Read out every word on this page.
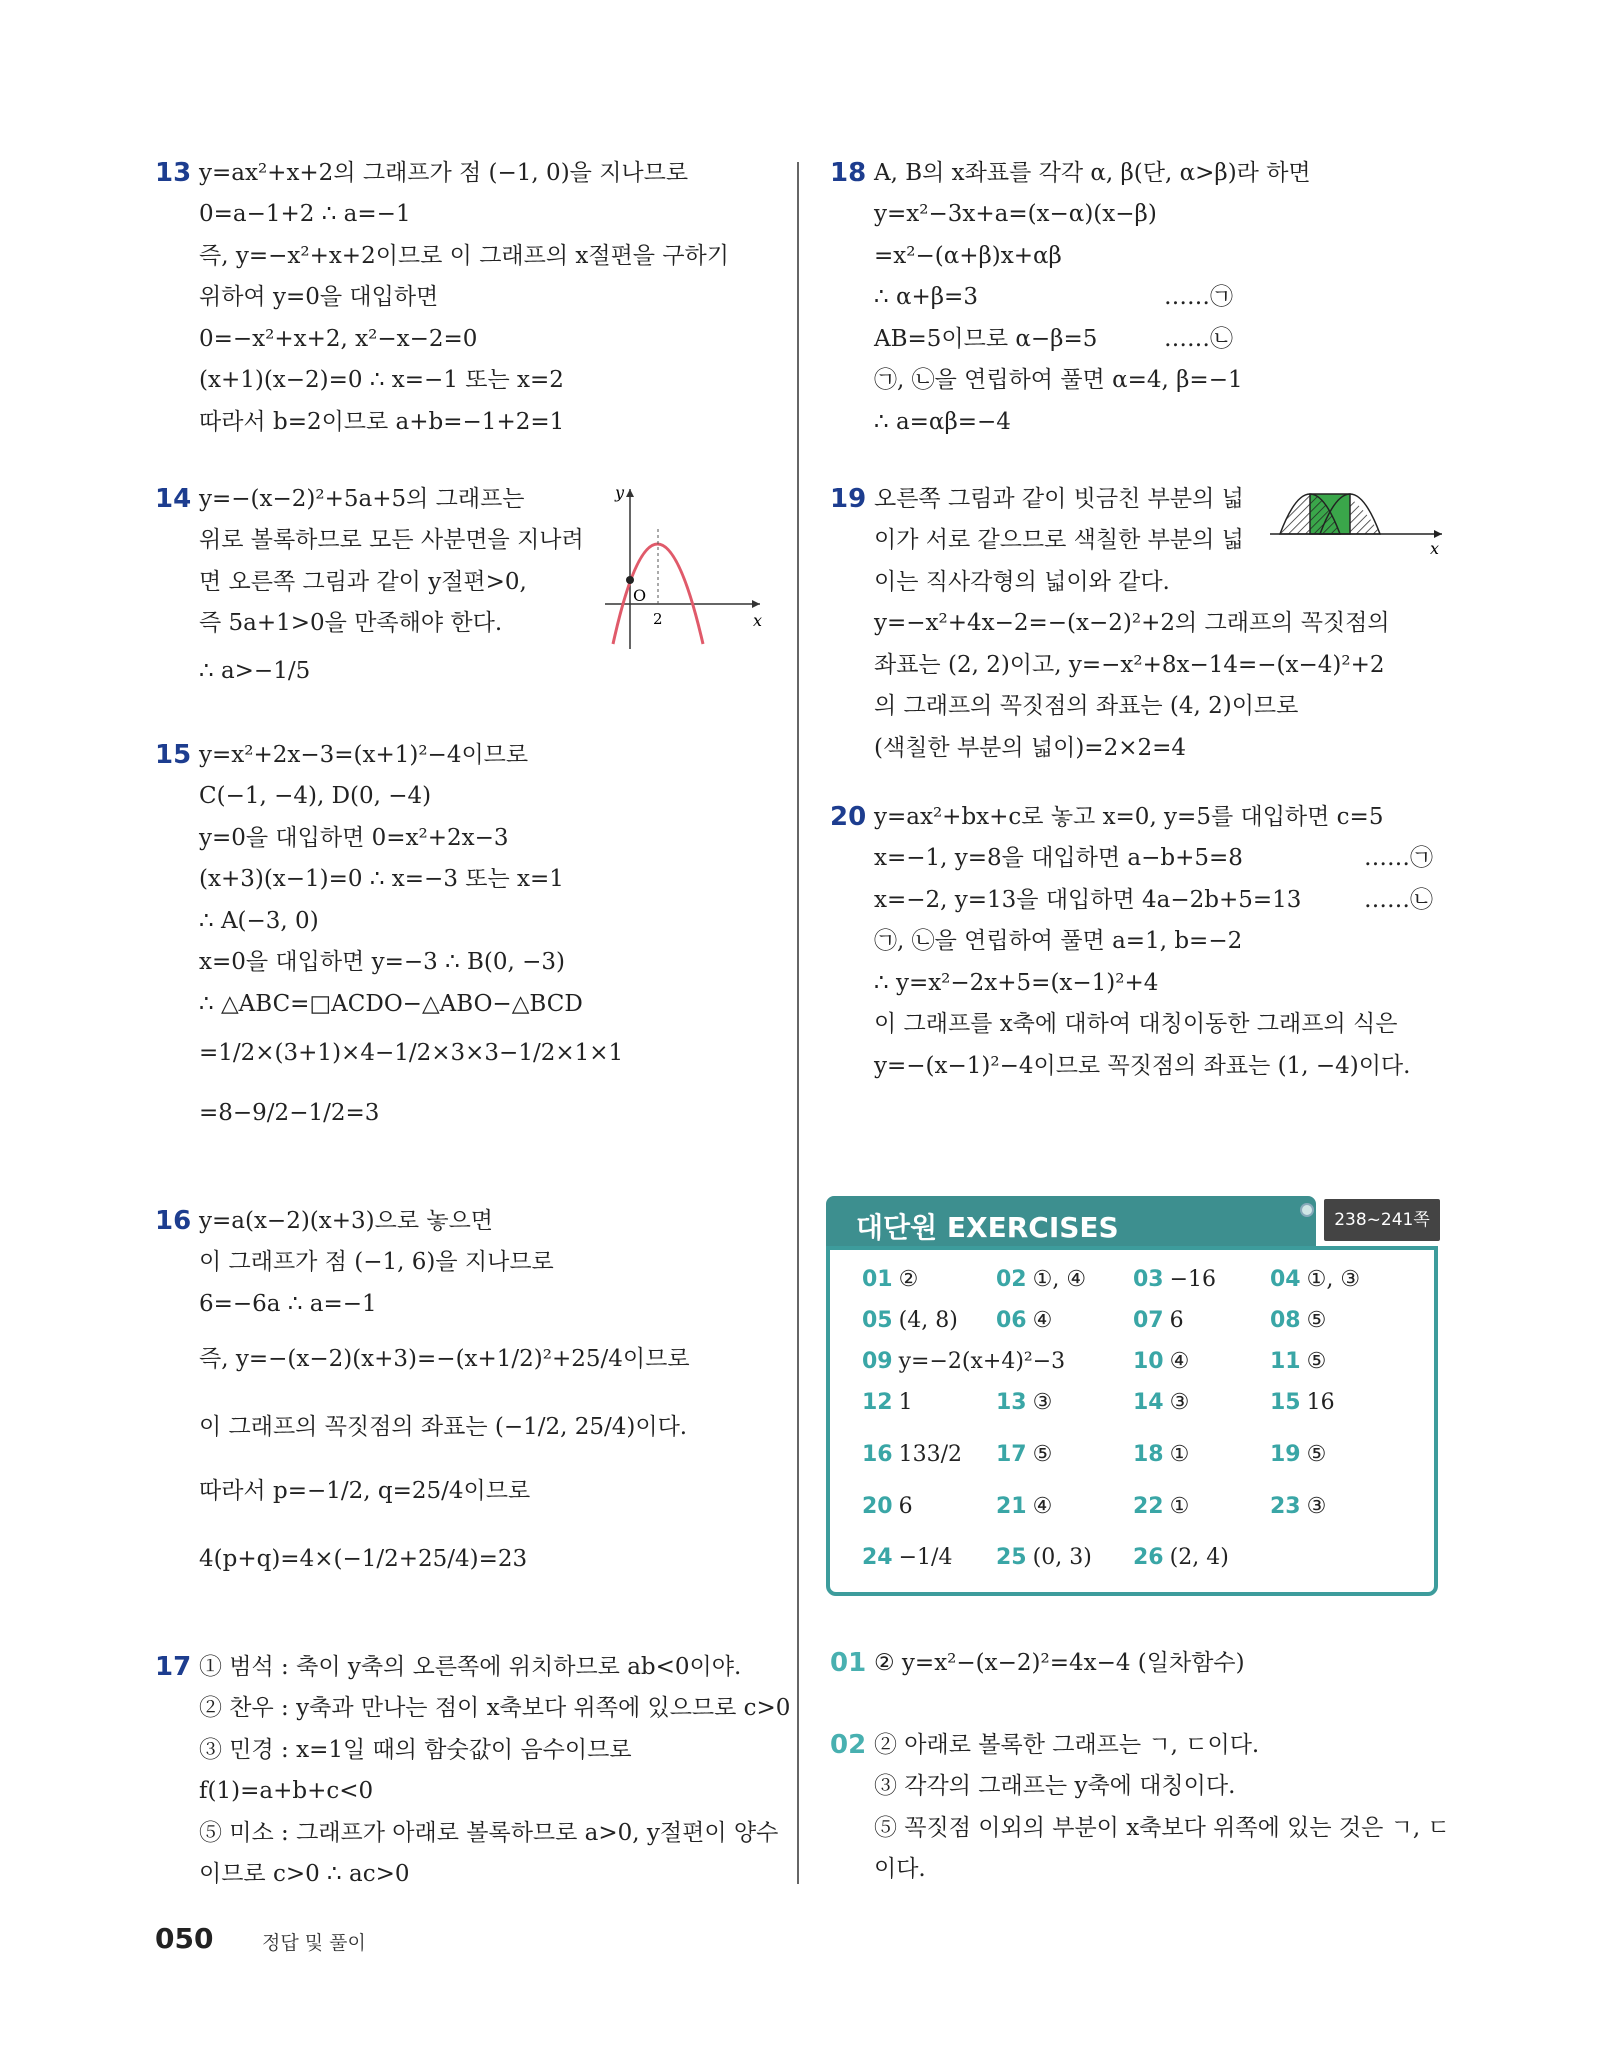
13 y=ax²+x+2의 그래프가 점 (−1, 0)을 지나므로
0=a−1+2 ∴ a=−1
즉, y=−x²+x+2이므로 이 그래프의 x절편을 구하기
위하여 y=0을 대입하면
0=−x²+x+2, x²−x−2=0
(x+1)(x−2)=0 ∴ x=−1 또는 x=2
따라서 b=2이므로 a+b=−1+2=1
14 y=−(x−2)²+5a+5의 그래프는
위로 볼록하므로 모든 사분면을 지나려
면 오른쪽 그림과 같이 y절편>0,
즉 5a+1>0을 만족해야 한다.
∴ a>−1/5
y
x
O
2
15 y=x²+2x−3=(x+1)²−4이므로
C(−1, −4), D(0, −4)
y=0을 대입하면 0=x²+2x−3
(x+3)(x−1)=0 ∴ x=−3 또는 x=1
∴ A(−3, 0)
x=0을 대입하면 y=−3 ∴ B(0, −3)
∴ △ABC=□ACDO−△ABO−△BCD
=1/2×(3+1)×4−1/2×3×3−1/2×1×1
=8−9/2−1/2=3
16 y=a(x−2)(x+3)으로 놓으면
이 그래프가 점 (−1, 6)을 지나므로
6=−6a ∴ a=−1
즉, y=−(x−2)(x+3)=−(x+1/2)²+25/4이므로
이 그래프의 꼭짓점의 좌표는 (−1/2, 25/4)이다.
따라서 p=−1/2, q=25/4이므로
4(p+q)=4×(−1/2+25/4)=23
17 ① 범석 : 축이 y축의 오른쪽에 위치하므로 ab<0이야.
② 찬우 : y축과 만나는 점이 x축보다 위쪽에 있으므로 c>0
③ 민경 : x=1일 때의 함숫값이 음수이므로
f(1)=a+b+c<0
⑤ 미소 : 그래프가 아래로 볼록하므로 a>0, y절편이 양수
이므로 c>0 ∴ ac>0
18 A, B의 x좌표를 각각 α, β(단, α>β)라 하면
y=x²−3x+a=(x−α)(x−β)
=x²−(α+β)x+αβ
∴ α+β=3	……㉠
AB=5이므로 α−β=5	……㉡
㉠, ㉡을 연립하여 풀면 α=4, β=−1
∴ a=αβ=−4
19 오른쪽 그림과 같이 빗금친 부분의 넓
이가 서로 같으므로 색칠한 부분의 넓
이는 직사각형의 넓이와 같다.
y=−x²+4x−2=−(x−2)²+2의 그래프의 꼭짓점의
좌표는 (2, 2)이고, y=−x²+8x−14=−(x−4)²+2
의 그래프의 꼭짓점의 좌표는 (4, 2)이므로
(색칠한 부분의 넓이)=2×2=4
x
20 y=ax²+bx+c로 놓고 x=0, y=5를 대입하면 c=5
x=−1, y=8을 대입하면 a−b+5=8	……㉠
x=−2, y=13을 대입하면 4a−2b+5=13	……㉡
㉠, ㉡을 연립하여 풀면 a=1, b=−2
∴ y=x²−2x+5=(x−1)²+4
이 그래프를 x축에 대하여 대칭이동한 그래프의 식은
y=−(x−1)²−4이므로 꼭짓점의 좌표는 (1, −4)이다.
대단원 EXERCISES	238~241쪽
01 ②	02 ①, ④ 03 −16 04 ①, ③
05 (4, 8) 06 ④	07 6	08 ⑤
09 y=−2(x+4)²−3	10 ④	11 ⑤
12 1	13 ③	14 ③	15 16
16 133/2 17 ⑤	18 ①	19 ⑤
20 6	21 ④	22 ①	23 ③
24 −1/4 25 (0, 3) 26 (2, 4)
01 ② y=x²−(x−2)²=4x−4 (일차함수)
02 ② 아래로 볼록한 그래프는 ㄱ, ㄷ이다.
③ 각각의 그래프는 y축에 대칭이다.
⑤ 꼭짓점 이외의 부분이 x축보다 위쪽에 있는 것은 ㄱ, ㄷ
이다.
050	정답 및 풀이
